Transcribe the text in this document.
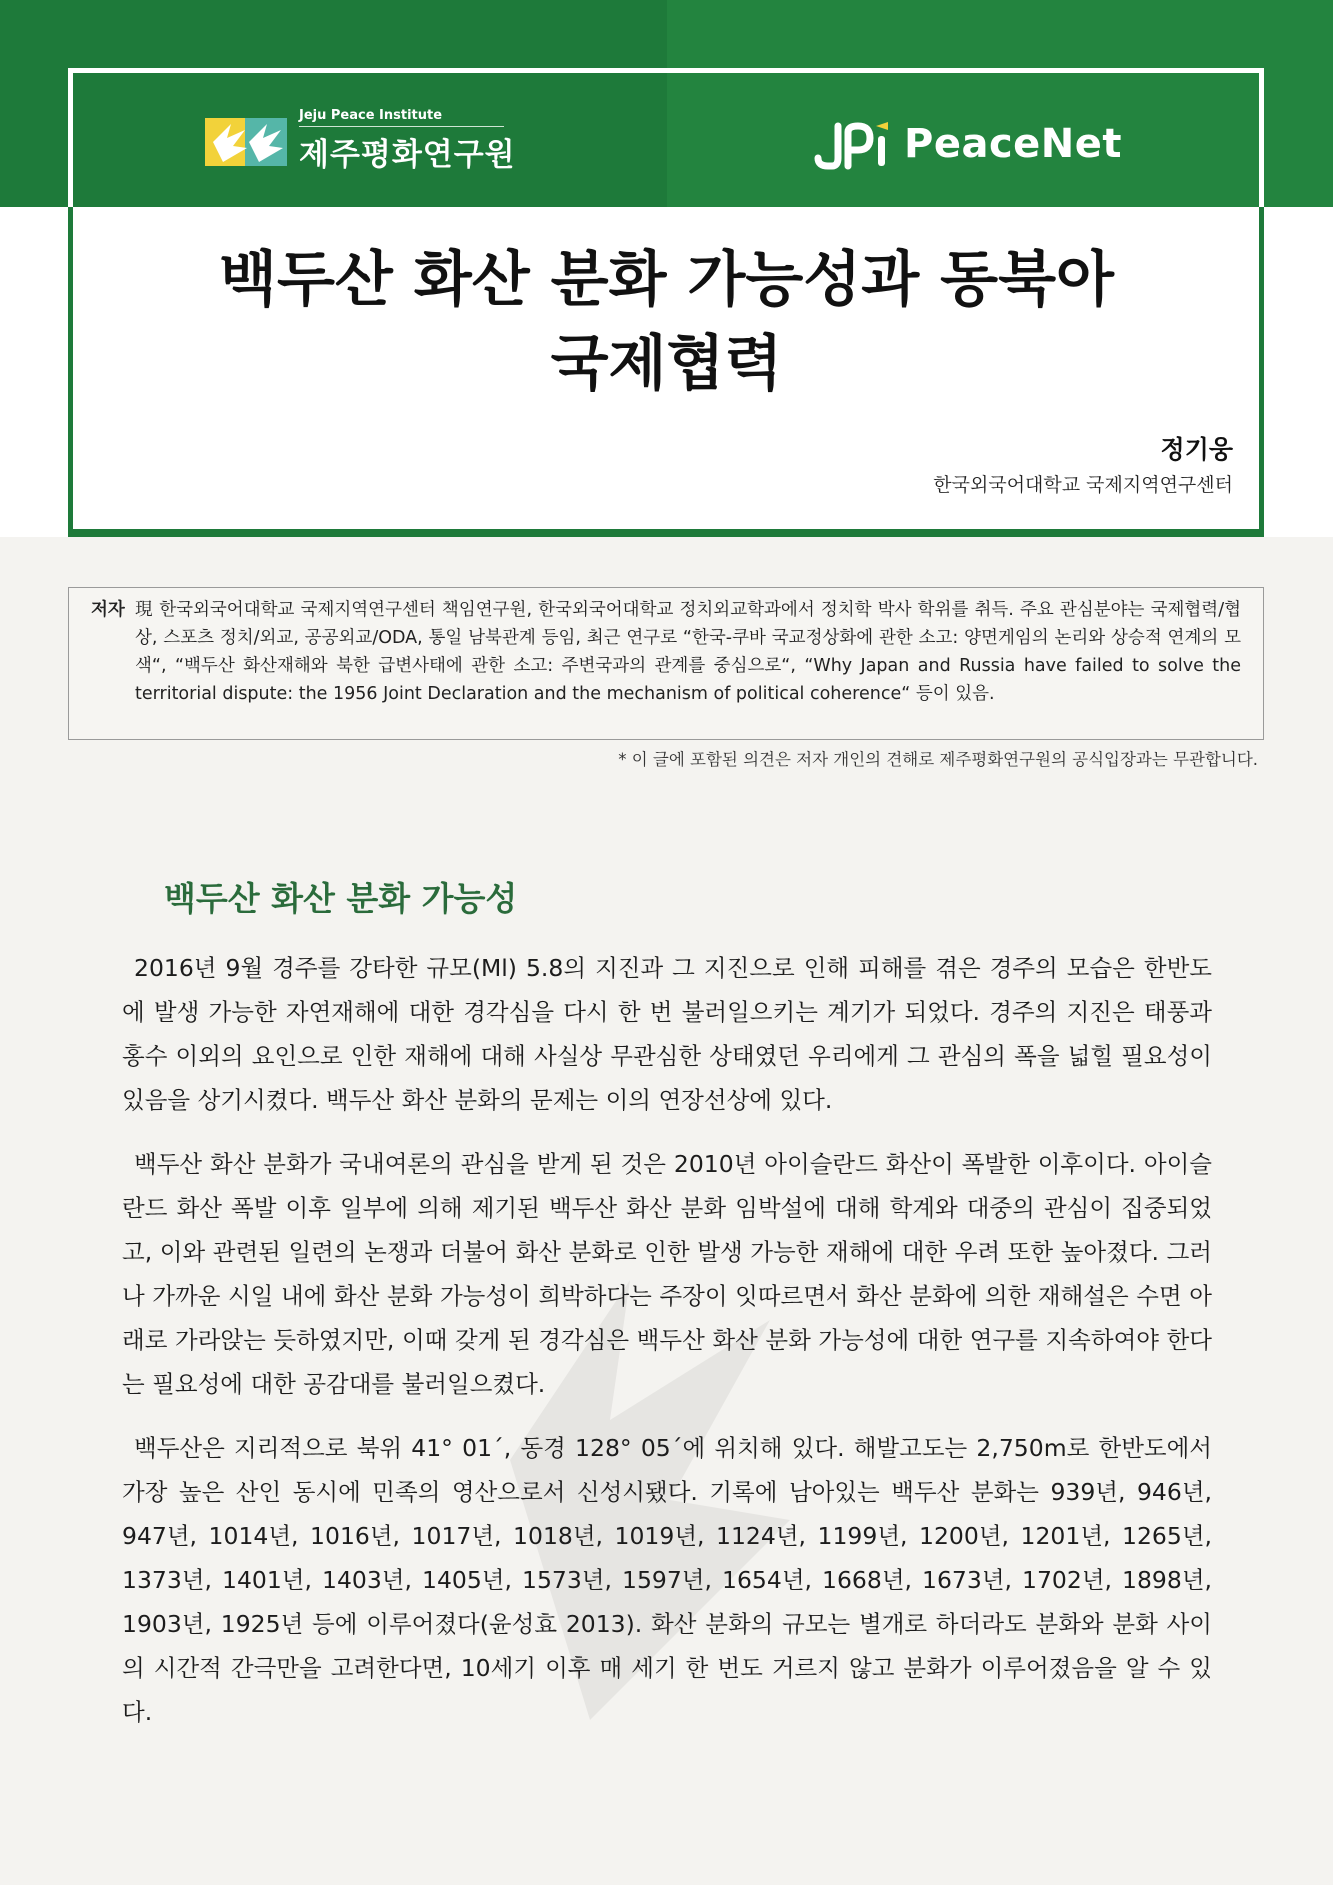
Jeju Peace Institute
제주평화연구원	PeaceNet
백두산 화산 분화 가능성과 동북아
국제협력
정기웅
한국외국어대학교 국제지역연구센터
저자 現 한국외국어대학교 국제지역연구센터 책임연구원, 한국외국어대학교 정치외교학과에서 정치학 박사 학위를 취득. 주요 관심분야는 국제협력/협상, 스포츠 정치/외교, 공공외교/ODA, 통일 남북관계 등임, 최근 연구로 “한국-쿠바 국교정상화에 관한 소고: 양면게임의 논리와 상승적 연계의 모색“, “백두산 화산재해와 북한 급변사태에 관한 소고: 주변국과의 관계를 중심으로“, “Why Japan and Russia have failed to solve the territorial dispute: the 1956 Joint Declaration and the mechanism of political coherence“ 등이 있음.
* 이 글에 포함된 의견은 저자 개인의 견해로 제주평화연구원의 공식입장과는 무관합니다.
백두산 화산 분화 가능성

2016년 9월 경주를 강타한 규모(Ml) 5.8의 지진과 그 지진으로 인해 피해를 겪은 경주의 모습은 한반도에 발생 가능한 자연재해에 대한 경각심을 다시 한 번 불러일으키는 계기가 되었다. 경주의 지진은 태풍과 홍수 이외의 요인으로 인한 재해에 대해 사실상 무관심한 상태였던 우리에게 그 관심의 폭을 넓힐 필요성이 있음을 상기시켰다. 백두산 화산 분화의 문제는 이의 연장선상에 있다.

백두산 화산 분화가 국내여론의 관심을 받게 된 것은 2010년 아이슬란드 화산이 폭발한 이후이다. 아이슬란드 화산 폭발 이후 일부에 의해 제기된 백두산 화산 분화 임박설에 대해 학계와 대중의 관심이 집중되었고, 이와 관련된 일련의 논쟁과 더불어 화산 분화로 인한 발생 가능한 재해에 대한 우려 또한 높아졌다. 그러나 가까운 시일 내에 화산 분화 가능성이 희박하다는 주장이 잇따르면서 화산 분화에 의한 재해설은 수면 아래로 가라앉는 듯하였지만, 이때 갖게 된 경각심은 백두산 화산 분화 가능성에 대한 연구를 지속하여야 한다는 필요성에 대한 공감대를 불러일으켰다.

백두산은 지리적으로 북위 41° 01´, 동경 128° 05´에 위치해 있다. 해발고도는 2,750m로 한반도에서 가장 높은 산인 동시에 민족의 영산으로서 신성시됐다. 기록에 남아있는 백두산 분화는 939년, 946년, 947년, 1014년, 1016년, 1017년, 1018년, 1019년, 1124년, 1199년, 1200년, 1201년, 1265년, 1373년, 1401년, 1403년, 1405년, 1573년, 1597년, 1654년, 1668년, 1673년, 1702년, 1898년, 1903년, 1925년 등에 이루어졌다(윤성효 2013). 화산 분화의 규모는 별개로 하더라도 분화와 분화 사이의 시간적 간극만을 고려한다면, 10세기 이후 매 세기 한 번도 거르지 않고 분화가 이루어졌음을 알 수 있다.
